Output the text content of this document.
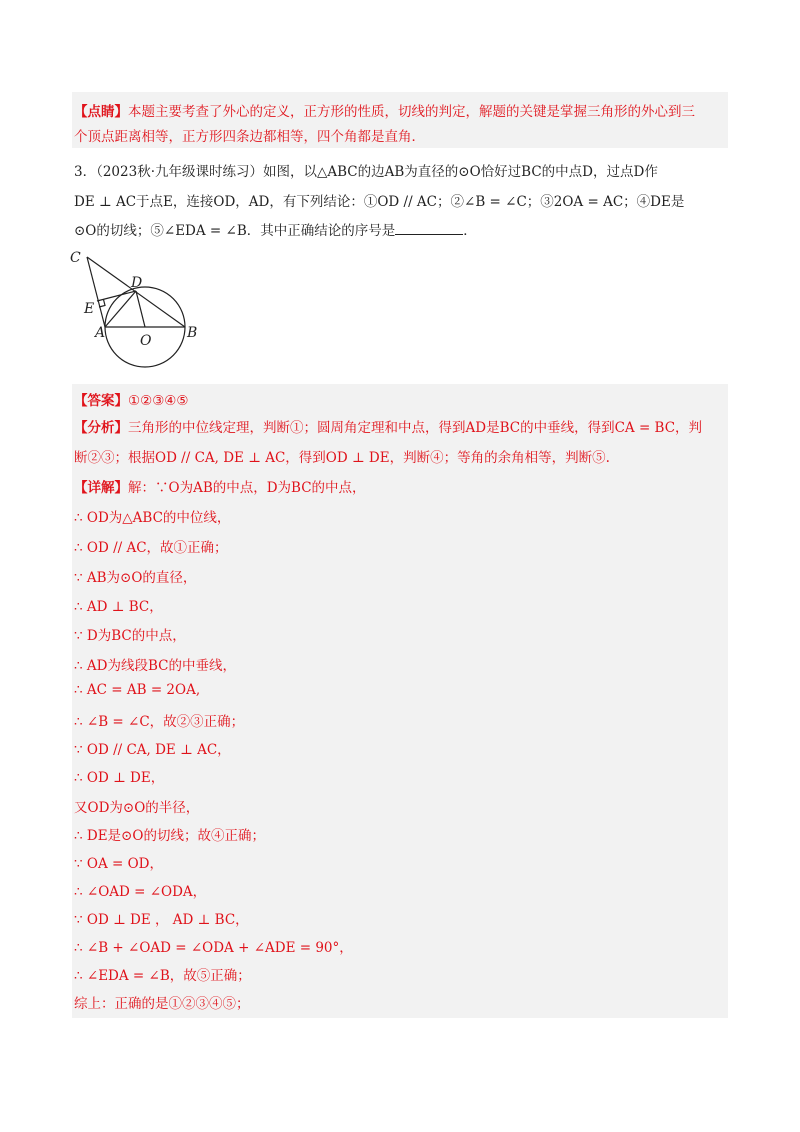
【点睛】本题主要考查了外心的定义，正方形的性质，切线的判定，解题的关键是掌握三角形的外心到三
个顶点距离相等，正方形四条边都相等，四个角都是直角．
3．（2023秋·九年级课时练习）如图，以△ABC的边AB为直径的⊙O恰好过BC的中点D，过点D作
DE ⊥ AC于点E，连接OD，AD，有下列结论：①OD // AC；②∠B = ∠C；③2OA = AC；④DE是
⊙O的切线；⑤∠EDA = ∠B．其中正确结论的序号是	．
C
D
E
A O	B
【答案】①②③④⑤
【分析】三角形的中位线定理，判断①；圆周角定理和中点，得到AD是BC的中垂线，得到CA = BC，判
断②③；根据OD // CA, DE ⊥ AC，得到OD ⊥ DE，判断④；等角的余角相等，判断⑤.
【详解】解：∵O为AB的中点，D为BC的中点，
∴ OD为△ABC的中位线，
∴ OD // AC，故①正确；
∵ AB为⊙O的直径，
∴ AD ⊥ BC，
∵ D为BC的中点，
∴ AD为线段BC的中垂线，
∴ AC = AB = 2OA,
∴ ∠B = ∠C，故②③正确；
∵ OD // CA, DE ⊥ AC，
∴ OD ⊥ DE，
又OD为⊙O的半径，
∴ DE是⊙O的切线；故④正确；
∵ OA = OD，
∴ ∠OAD = ∠ODA，
∵ OD ⊥ DE ， AD ⊥ BC，
∴ ∠B + ∠OAD = ∠ODA + ∠ADE = 90°，
∴ ∠EDA = ∠B，故⑤正确；
综上：正确的是①②③④⑤；
